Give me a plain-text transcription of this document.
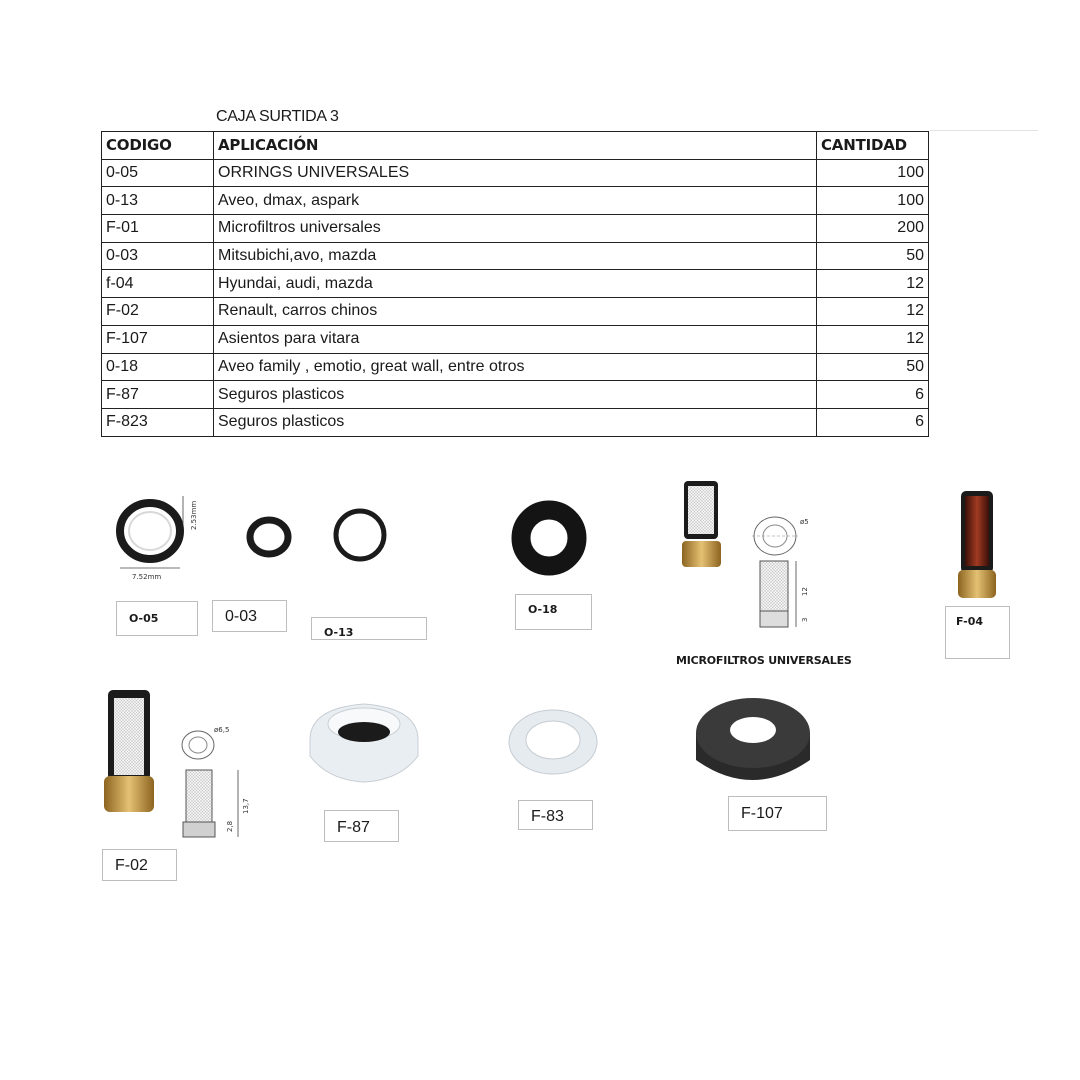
CAJA SURTIDA 3
CODIGO	APLICACIÓN	CANTIDAD
0-05	ORRINGS UNIVERSALES	100
0-13	Aveo, dmax, aspark	100
F-01	Microfiltros universales	200
0-03	Mitsubichi,avo, mazda	50
f-04	Hyundai, audi, mazda	12
F-02	Renault, carros chinos	12
F-107	Asientos para vitara	12
0-18	Aveo family , emotio, great wall, entre otros	50
F-87	Seguros plasticos	6
F-823	Seguros plasticos	6
7.52mm
2.53mm	ø5
12
3
ø6,5
13,7
2,8
O-05	0-03
O-13
O-18
F-04
MICROFILTROS UNIVERSALES
F-02
F-87
F-83	F-107
